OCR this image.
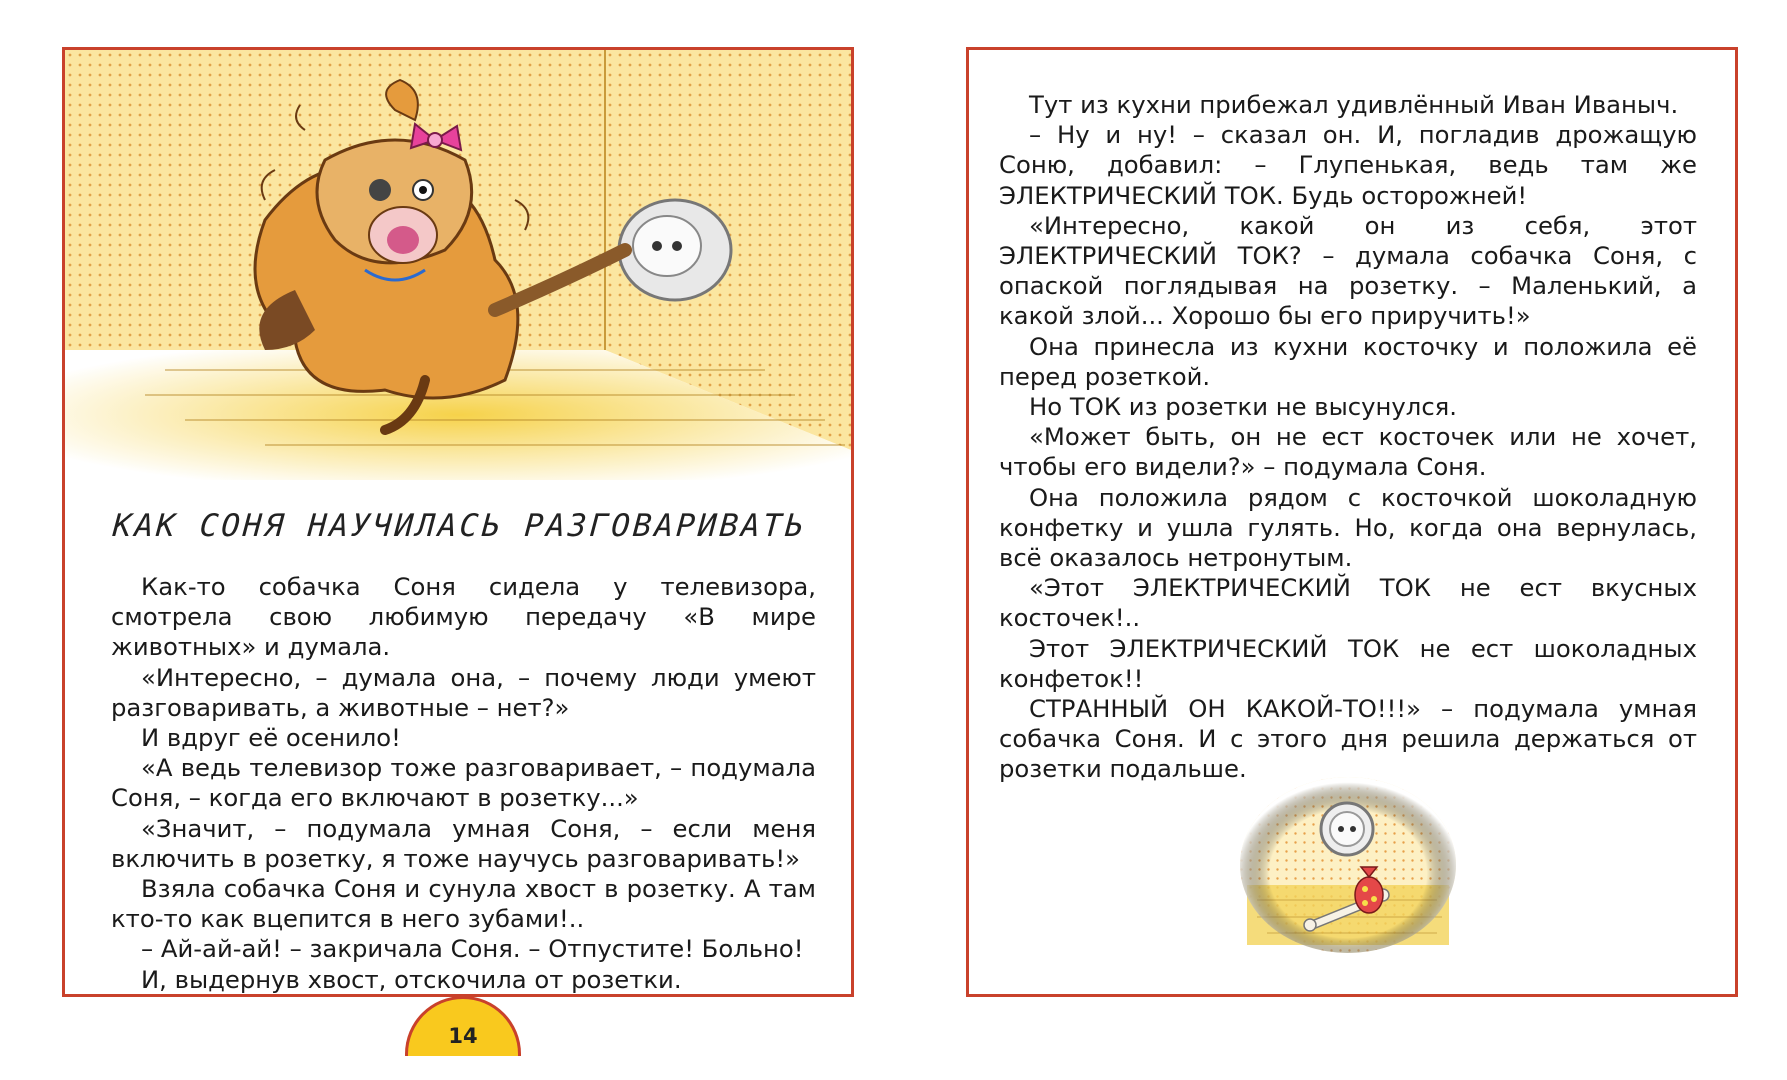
КАК СОНЯ НАУЧИЛАСЬ РАЗГОВАРИВАТЬ

Как-то собачка Соня сидела у телевизора, смотрела свою любимую передачу «В мире животных» и думала.

«Интересно, – думала она, – почему люди умеют разговаривать, а животные – нет?»

И вдруг её осенило!

«А ведь телевизор тоже разговаривает, – подумала Соня, – когда его включают в розетку...»

«Значит, – подумала умная Соня, – если меня включить в розетку, я тоже научусь разговаривать!»

Взяла собачка Соня и сунула хвост в розетку. А там кто-то как вцепится в него зубами!..

– Ай-ай-ай! – закричала Соня. – Отпустите! Больно!

И, выдернув хвост, отскочила от розетки.

14

Тут из кухни прибежал удивлённый Иван Иваныч.

– Ну и ну! – сказал он. И, погладив дрожащую Соню, добавил: – Глупенькая, ведь там же ЭЛЕКТРИЧЕСКИЙ ТОК. Будь осторожней!

«Интересно, какой он из себя, этот ЭЛЕКТРИЧЕСКИЙ ТОК? – думала собачка Соня, с опаской поглядывая на розетку. – Маленький, а какой злой... Хорошо бы его приручить!»

Она принесла из кухни косточку и положила её перед розеткой.

Но ТОК из розетки не высунулся.

«Может быть, он не ест косточек или не хочет, чтобы его видели?» – подумала Соня.

Она положила рядом с косточкой шоколадную конфетку и ушла гулять. Но, когда она вернулась, всё оказалось нетронутым.

«Этот ЭЛЕКТРИЧЕСКИЙ ТОК не ест вкусных косточек!..

Этот ЭЛЕКТРИЧЕСКИЙ ТОК не ест шоколадных конфеток!!

СТРАННЫЙ ОН КАКОЙ-ТО!!!» – подумала умная собачка Соня. И с этого дня решила держаться от розетки подальше.
